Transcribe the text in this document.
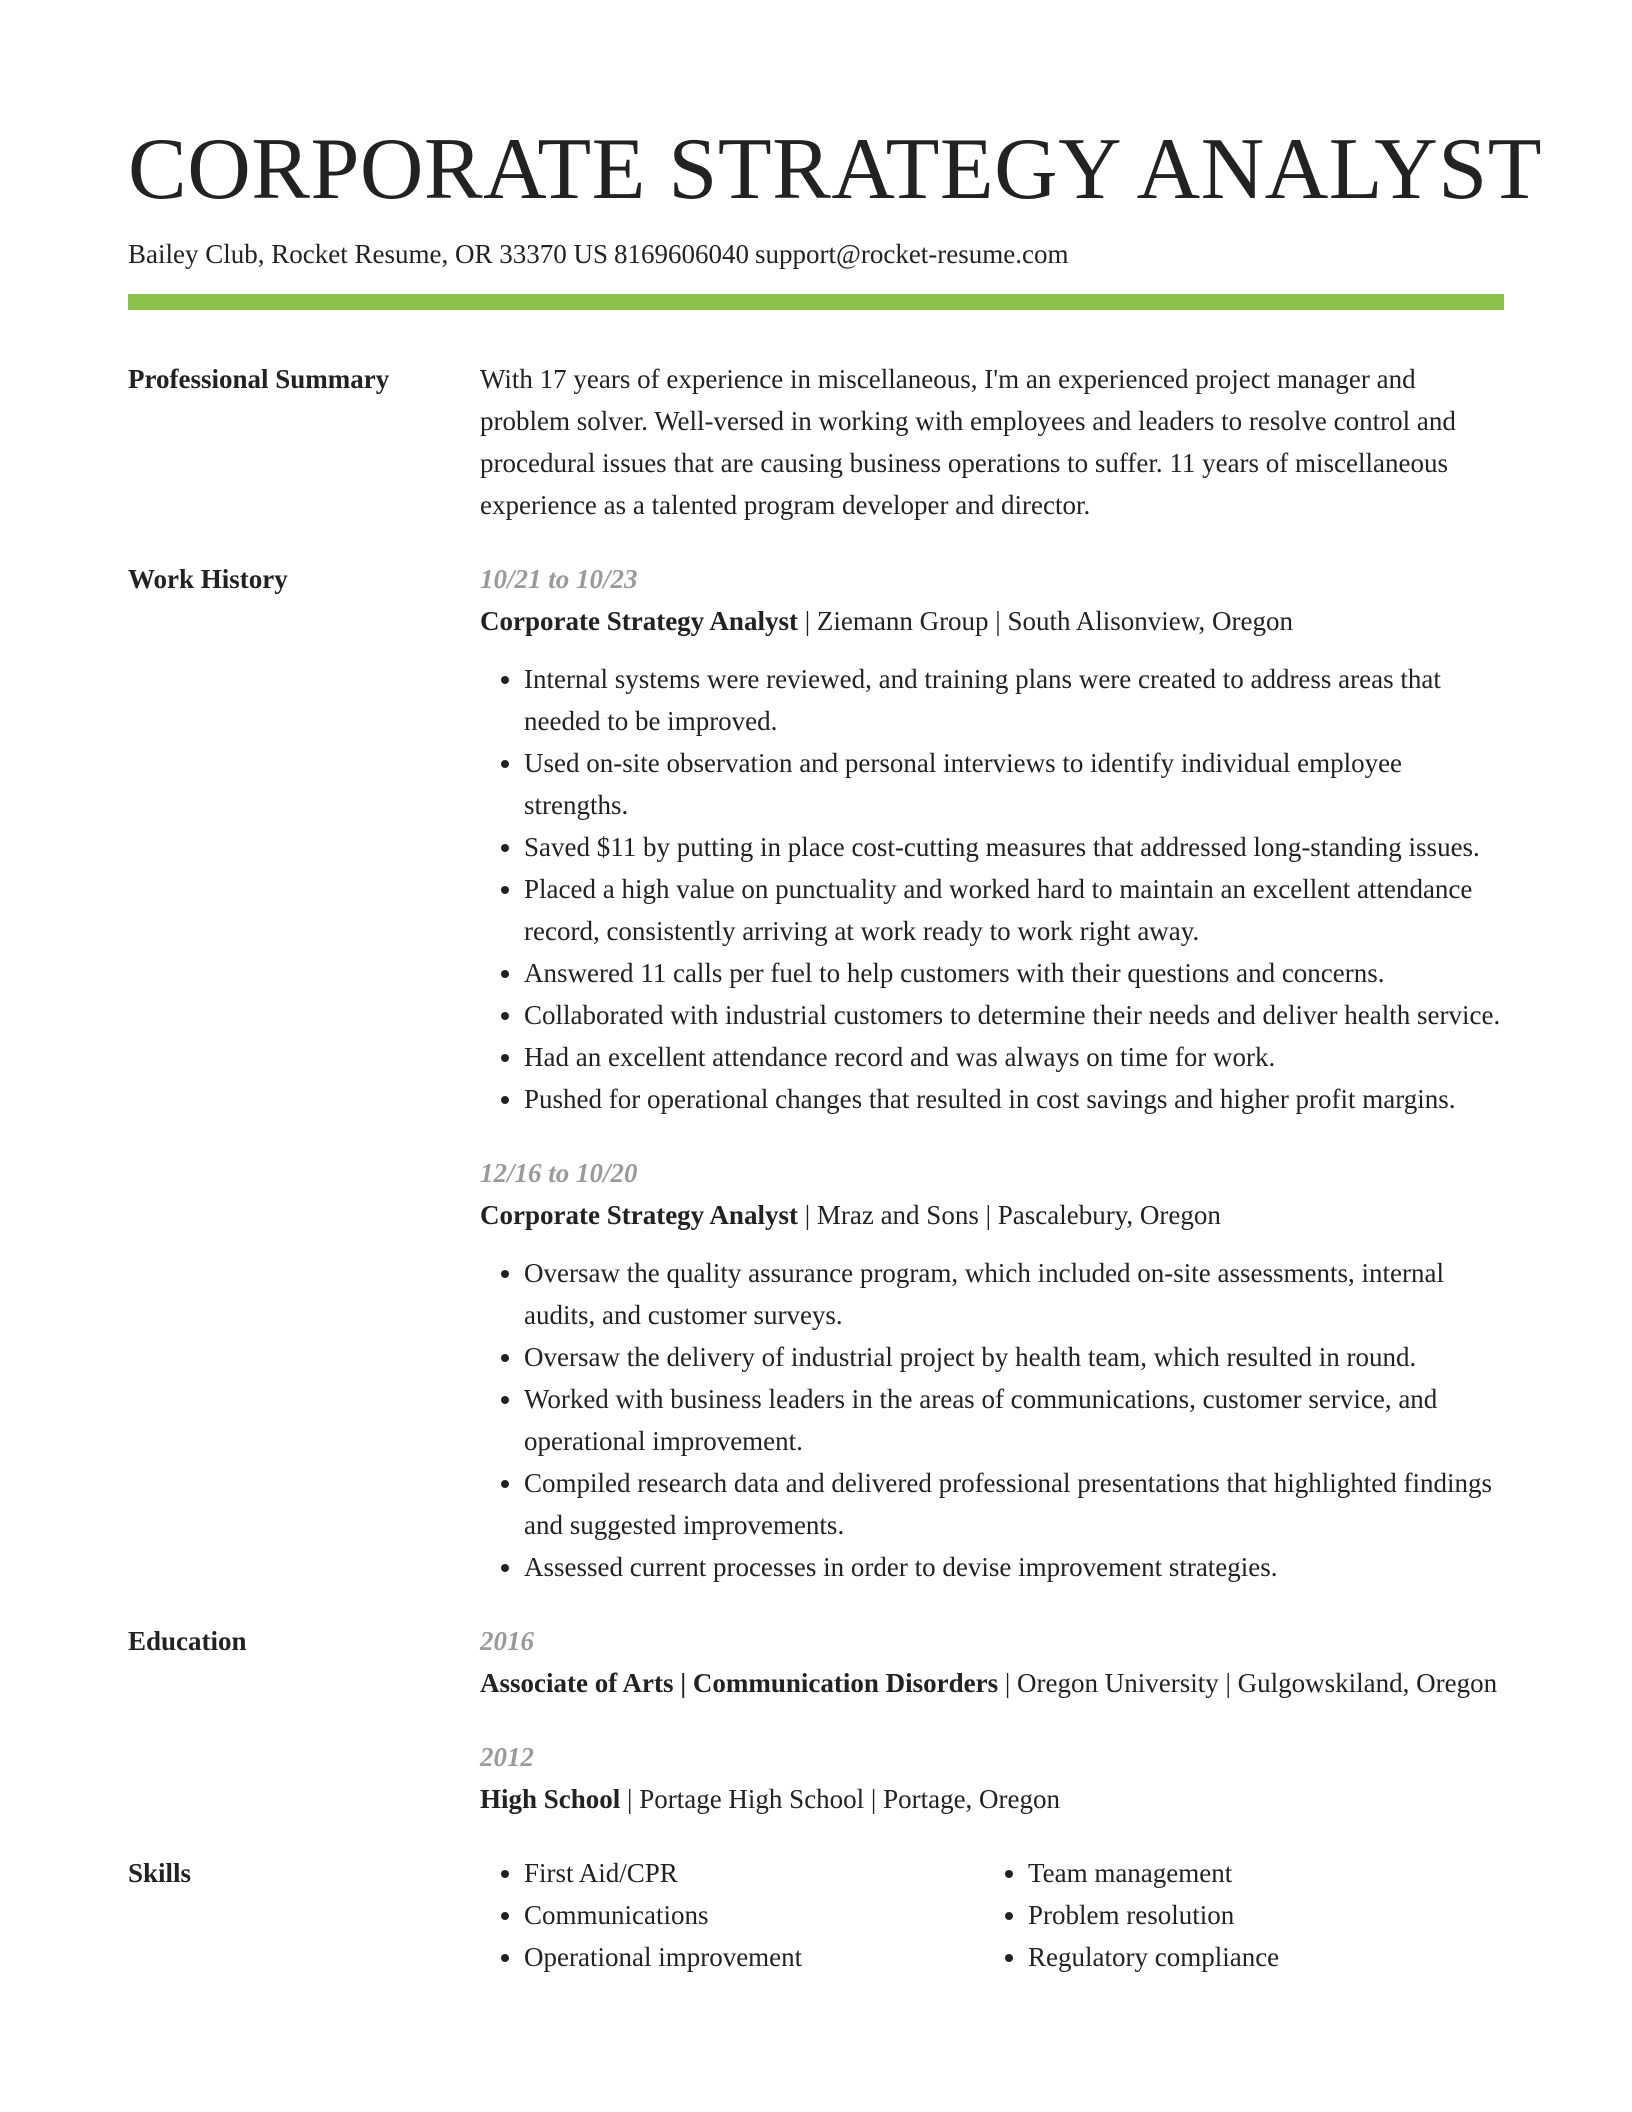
CORPORATE STRATEGY ANALYST
Bailey Club, Rocket Resume, OR 33370 US 8169606040 support@rocket-resume.com
Professional Summary	With 17 years of experience in miscellaneous, I'm an experienced project manager and problem solver. Well-versed in working with employees and leaders to resolve control and procedural issues that are causing business operations to suffer. 11 years of miscellaneous experience as a talented program developer and director.
Work History	10/21 to 10/23
Corporate Strategy Analyst | Ziemann Group | South Alisonview, Oregon
• Internal systems were reviewed, and training plans were created to address areas that needed to be improved.
• Used on-site observation and personal interviews to identify individual employee strengths.
• Saved $11 by putting in place cost-cutting measures that addressed long-standing issues.
• Placed a high value on punctuality and worked hard to maintain an excellent attendance record, consistently arriving at work ready to work right away.
• Answered 11 calls per fuel to help customers with their questions and concerns.
• Collaborated with industrial customers to determine their needs and deliver health service.
• Had an excellent attendance record and was always on time for work.
• Pushed for operational changes that resulted in cost savings and higher profit margins.
12/16 to 10/20
Corporate Strategy Analyst | Mraz and Sons | Pascalebury, Oregon
• Oversaw the quality assurance program, which included on-site assessments, internal audits, and customer surveys.
• Oversaw the delivery of industrial project by health team, which resulted in round.
• Worked with business leaders in the areas of communications, customer service, and operational improvement.
• Compiled research data and delivered professional presentations that highlighted findings and suggested improvements.
• Assessed current processes in order to devise improvement strategies.
Education	2016
Associate of Arts | Communication Disorders | Oregon University | Gulgowskiland, Oregon
2012
High School | Portage High School | Portage, Oregon
Skills
•	First Aid/CPR
• Communications
• Operational improvement
• Team management
• Problem resolution
• Regulatory compliance
